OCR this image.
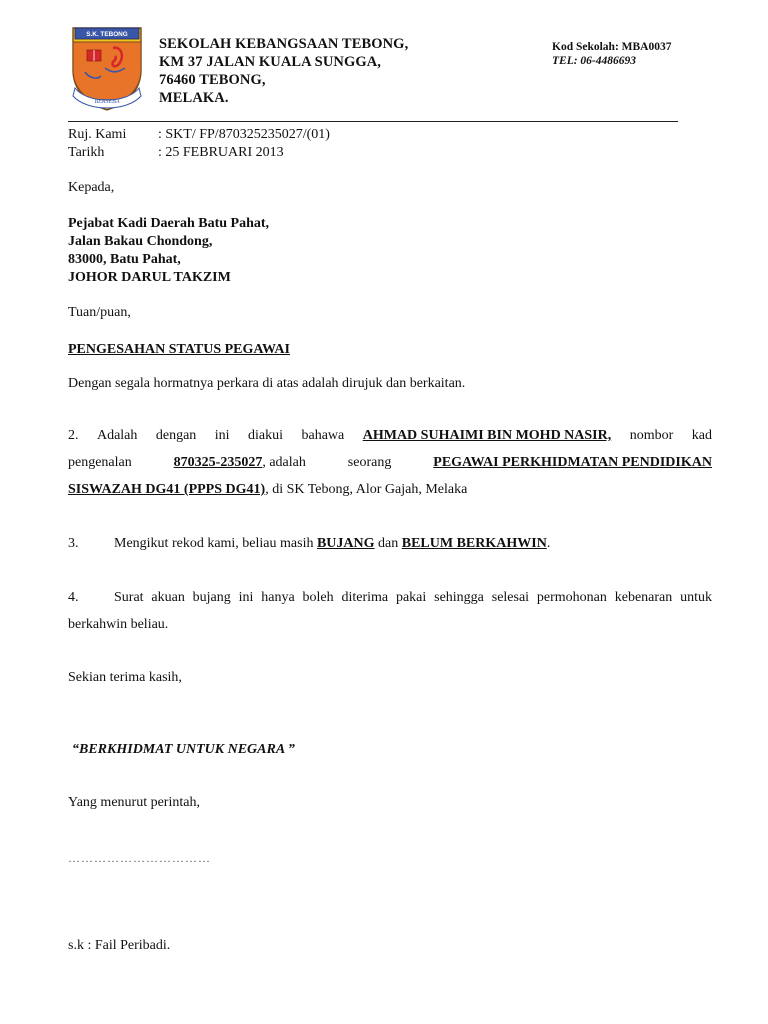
S.K. TEBONG
BERSEBA
SEKOLAH KEBANGSAAN TEBONG,
KM 37 JALAN KUALA SUNGGA,
76460 TEBONG,
MELAKA.
Kod Sekolah: MBA0037
TEL: 06-4486693
Ruj. Kami	: SKT/ FP/870325235027/(01)
Tarikh	: 25 FEBRUARI 2013
Kepada,
Pejabat Kadi Daerah Batu Pahat,
Jalan Bakau Chondong,
83000, Batu Pahat,
JOHOR DARUL TAKZIM
Tuan/puan,
PENGESAHAN STATUS PEGAWAI
Dengan segala hormatnya perkara di atas adalah dirujuk dan berkaitan.
2. Adalah dengan ini diakui bahawa AHMAD SUHAIMI BIN MOHD NASIR, nombor kad
pengenalan	870325-235027, adalah	seorang	PEGAWAI PERKHIDMATAN PENDIDIKAN
SISWAZAH DG41 (PPPS DG41), di SK Tebong, Alor Gajah, Melaka
3.	Mengikut rekod kami, beliau masih BUJANG dan BELUM BERKAHWIN.
4.	Surat akuan bujang ini hanya boleh diterima pakai sehingga selesai permohonan kebenaran untuk
berkahwin beliau.
Sekian terima kasih,
“BERKHIDMAT UNTUK NEGARA ”
Yang menurut perintah,
……………………………
s.k : Fail Peribadi.
